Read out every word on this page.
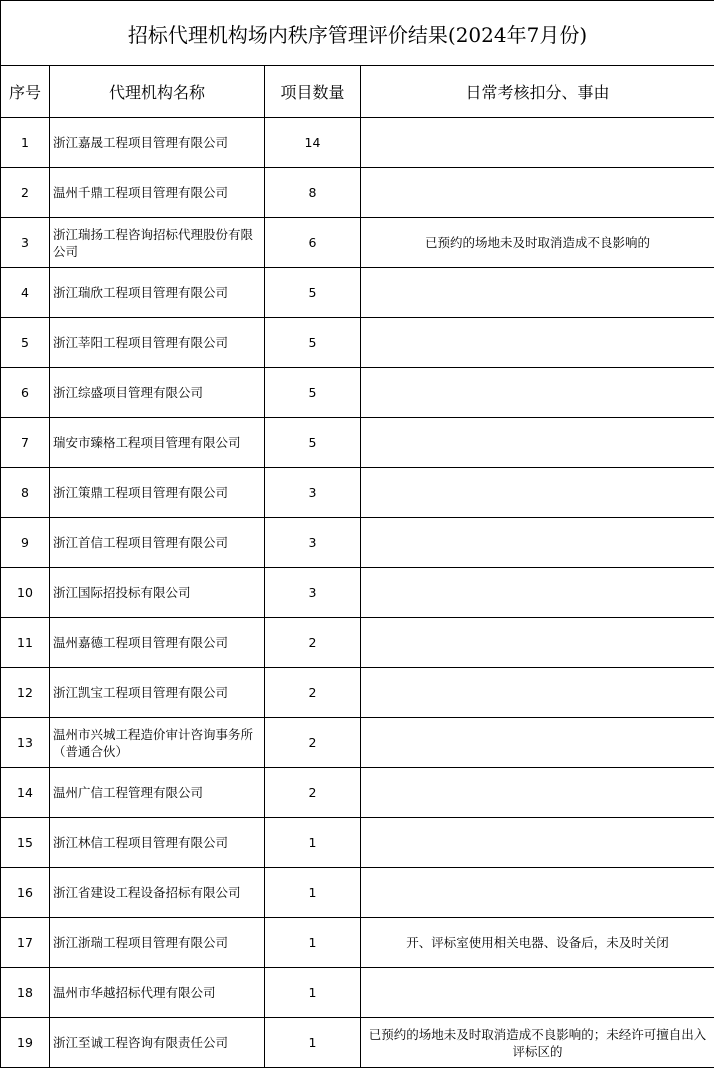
招标代理机构场内秩序管理评价结果(2024年7月份)			
序号	代理机构名称	项目数量	日常考核扣分、事由
1	浙江嘉晟工程项目管理有限公司	14	
2	温州千鼎工程项目管理有限公司	8	
3	浙江瑞扬工程咨询招标代理股份有限公司	6	已预约的场地未及时取消造成不良影响的
4	浙江瑞欣工程项目管理有限公司	5	
5	浙江莘阳工程项目管理有限公司	5	
6	浙江综盛项目管理有限公司	5	
7	瑞安市臻格工程项目管理有限公司	5	
8	浙江策鼎工程项目管理有限公司	3	
9	浙江首信工程项目管理有限公司	3	
10	浙江国际招投标有限公司	3	
11	温州嘉德工程项目管理有限公司	2	
12	浙江凯宝工程项目管理有限公司	2	
13	温州市兴城工程造价审计咨询事务所（普通合伙）	2	
14	温州广信工程管理有限公司	2	
15	浙江林信工程项目管理有限公司	1	
16	浙江省建设工程设备招标有限公司	1	
17	浙江浙瑞工程项目管理有限公司	1	开、评标室使用相关电器、设备后，未及时关闭
18	温州市华越招标代理有限公司	1	
19	浙江至诚工程咨询有限责任公司	1	已预约的场地未及时取消造成不良影响的；未经许可擅自出入评标区的
